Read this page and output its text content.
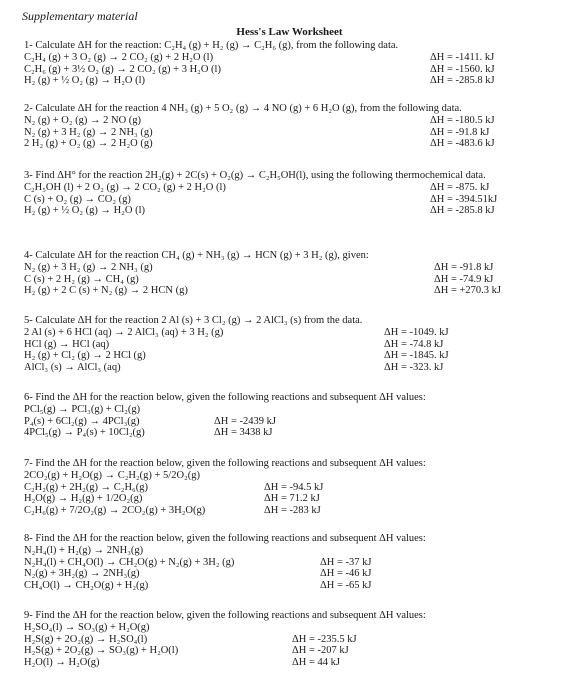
Supplementary material
Hess's Law Worksheet
1- Calculate ΔH for the reaction: C₂H₄ (g) + H₂ (g) → C₂H₆ (g), from the following data.
C₂H₄ (g) + 3 O₂ (g) → 2 CO₂ (g) + 2 H₂O (l)	ΔH = -1411. kJ
C₂H₆ (g) + 3½ O₂ (g) → 2 CO₂ (g) + 3 H₂O (l)	ΔH = -1560. kJ
H₂ (g) + ½ O₂ (g) → H₂O (l)	ΔH = -285.8 kJ
2- Calculate ΔH for the reaction 4 NH₃ (g) + 5 O₂ (g) → 4 NO (g) + 6 H₂O (g), from the following data.
N₂ (g) + O₂ (g) → 2 NO (g)	ΔH = -180.5 kJ
N₂ (g) + 3 H₂ (g) → 2 NH₃ (g)	ΔH = -91.8 kJ
2 H₂ (g) + O₂ (g) → 2 H₂O (g)	ΔH = -483.6 kJ
3- Find ΔH° for the reaction 2H₂(g) + 2C(s) + O₂(g) → C₂H₅OH(l), using the following thermochemical data.
C₂H₅OH (l) + 2 O₂ (g) → 2 CO₂ (g) + 2 H₂O (l)	ΔH = -875. kJ
C (s) + O₂ (g) → CO₂ (g)	ΔH = -394.51kJ
H₂ (g) + ½ O₂ (g) → H₂O (l)	ΔH = -285.8 kJ
4- Calculate ΔH for the reaction CH₄ (g) + NH₃ (g) → HCN (g) + 3 H₂ (g), given:
N₂ (g) + 3 H₂ (g) → 2 NH₃ (g)	ΔH = -91.8 kJ
C (s) + 2 H₂ (g) → CH₄ (g)	ΔH = -74.9 kJ
H₂ (g) + 2 C (s) + N₂ (g) → 2 HCN (g)	ΔH = +270.3 kJ
5- Calculate ΔH for the reaction 2 Al (s) + 3 Cl₂ (g) → 2 AlCl₃ (s) from the data.
2 Al (s) + 6 HCl (aq) → 2 AlCl₃ (aq) + 3 H₂ (g)	ΔH = -1049. kJ
HCl (g) → HCl (aq)	ΔH = -74.8 kJ
H₂ (g) + Cl₂ (g) → 2 HCl (g)	ΔH = -1845. kJ
AlCl₃ (s) → AlCl₃ (aq)	ΔH = -323. kJ
6- Find the ΔH for the reaction below, given the following reactions and subsequent ΔH values:
PCl₅(g) → PCl₃(g) + Cl₂(g)
P₄(s) + 6Cl₂(g) → 4PCl₃(g)	ΔH = -2439 kJ
4PCl₅(g) → P₄(s) + 10Cl₂(g)	ΔH = 3438 kJ
7- Find the ΔH for the reaction below, given the following reactions and subsequent ΔH values:
2CO₂(g) + H₂O(g) → C₂H₂(g) + 5/2O₂(g)
C₂H₂(g) + 2H₂(g) → C₂H₆(g)	ΔH = -94.5 kJ
H₂O(g) → H₂(g) + 1/2O₂(g)	ΔH = 71.2 kJ
C₂H₆(g) + 7/2O₂(g) → 2CO₂(g) + 3H₂O(g)	ΔH = -283 kJ
8- Find the ΔH for the reaction below, given the following reactions and subsequent ΔH values:
N₂H₄(l) + H₂(g) → 2NH₃(g)
N₂H₄(l) + CH₄O(l) → CH₂O(g) + N₂(g) + 3H₂ (g)	ΔH = -37 kJ
N₂(g) + 3H₂(g) → 2NH₃(g)	ΔH = -46 kJ
CH₄O(l) → CH₂O(g) + H₂(g)	ΔH = -65 kJ
9- Find the ΔH for the reaction below, given the following reactions and subsequent ΔH values:
H₂SO₄(l) → SO₃(g) + H₂O(g)
H₂S(g) + 2O₂(g) → H₂SO₄(l)	ΔH = -235.5 kJ
H₂S(g) + 2O₂(g) → SO₃(g) + H₂O(l)	ΔH = -207 kJ
H₂O(l) → H₂O(g)	ΔH = 44 kJ
